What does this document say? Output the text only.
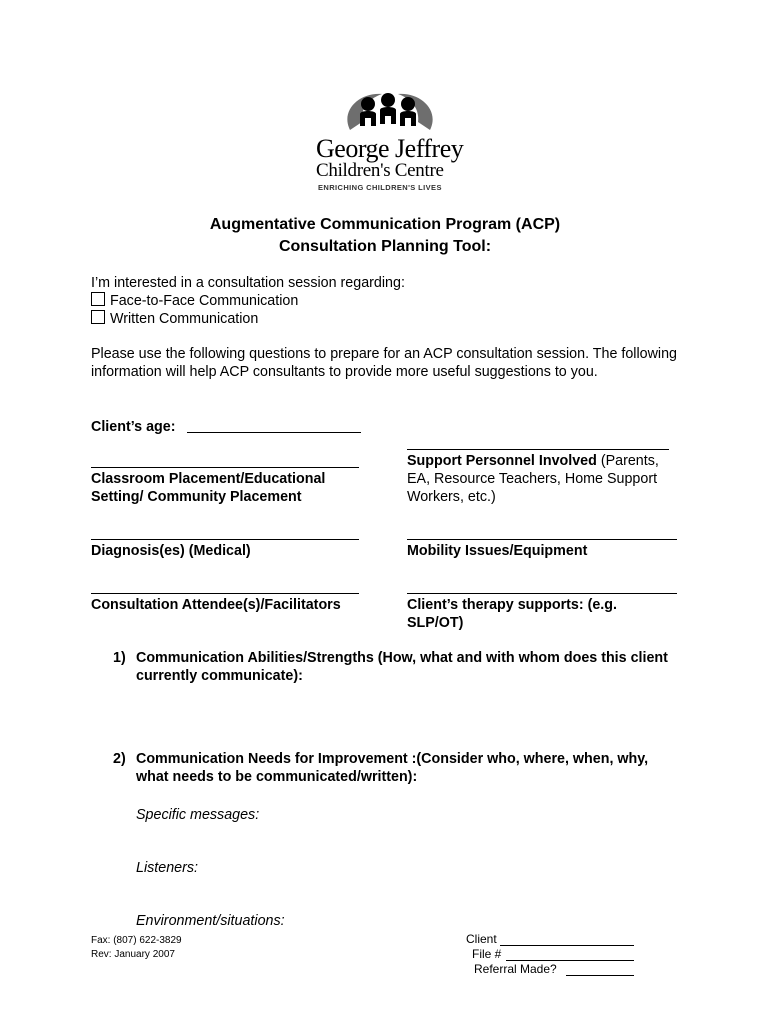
George Jeffrey
Children's Centre
ENRICHING CHILDREN'S LIVES
Augmentative Communication Program (ACP)
Consultation Planning Tool:
I’m interested in a consultation session regarding:
Face-to-Face Communication
Written Communication
Please use the following questions to prepare for an ACP consultation session. The following information will help ACP consultants to provide more useful suggestions to you.
Client’s age:
Classroom Placement/Educational
Setting/ Community Placement
Diagnosis(es) (Medical)
Consultation Attendee(s)/Facilitators
Support Personnel Involved (Parents, EA, Resource Teachers, Home Support Workers, etc.)
Mobility Issues/Equipment
Client’s therapy supports: (e.g. SLP/OT)
1) Communication Abilities/Strengths (How, what and with whom does this client currently communicate):
2) Communication Needs for Improvement :(Consider who, where, when, why, what needs to be communicated/written):
Specific messages:
Listeners:
Environment/situations:
Fax: (807) 622-3829
Rev: January 2007
Client
File #
Referral Made?
